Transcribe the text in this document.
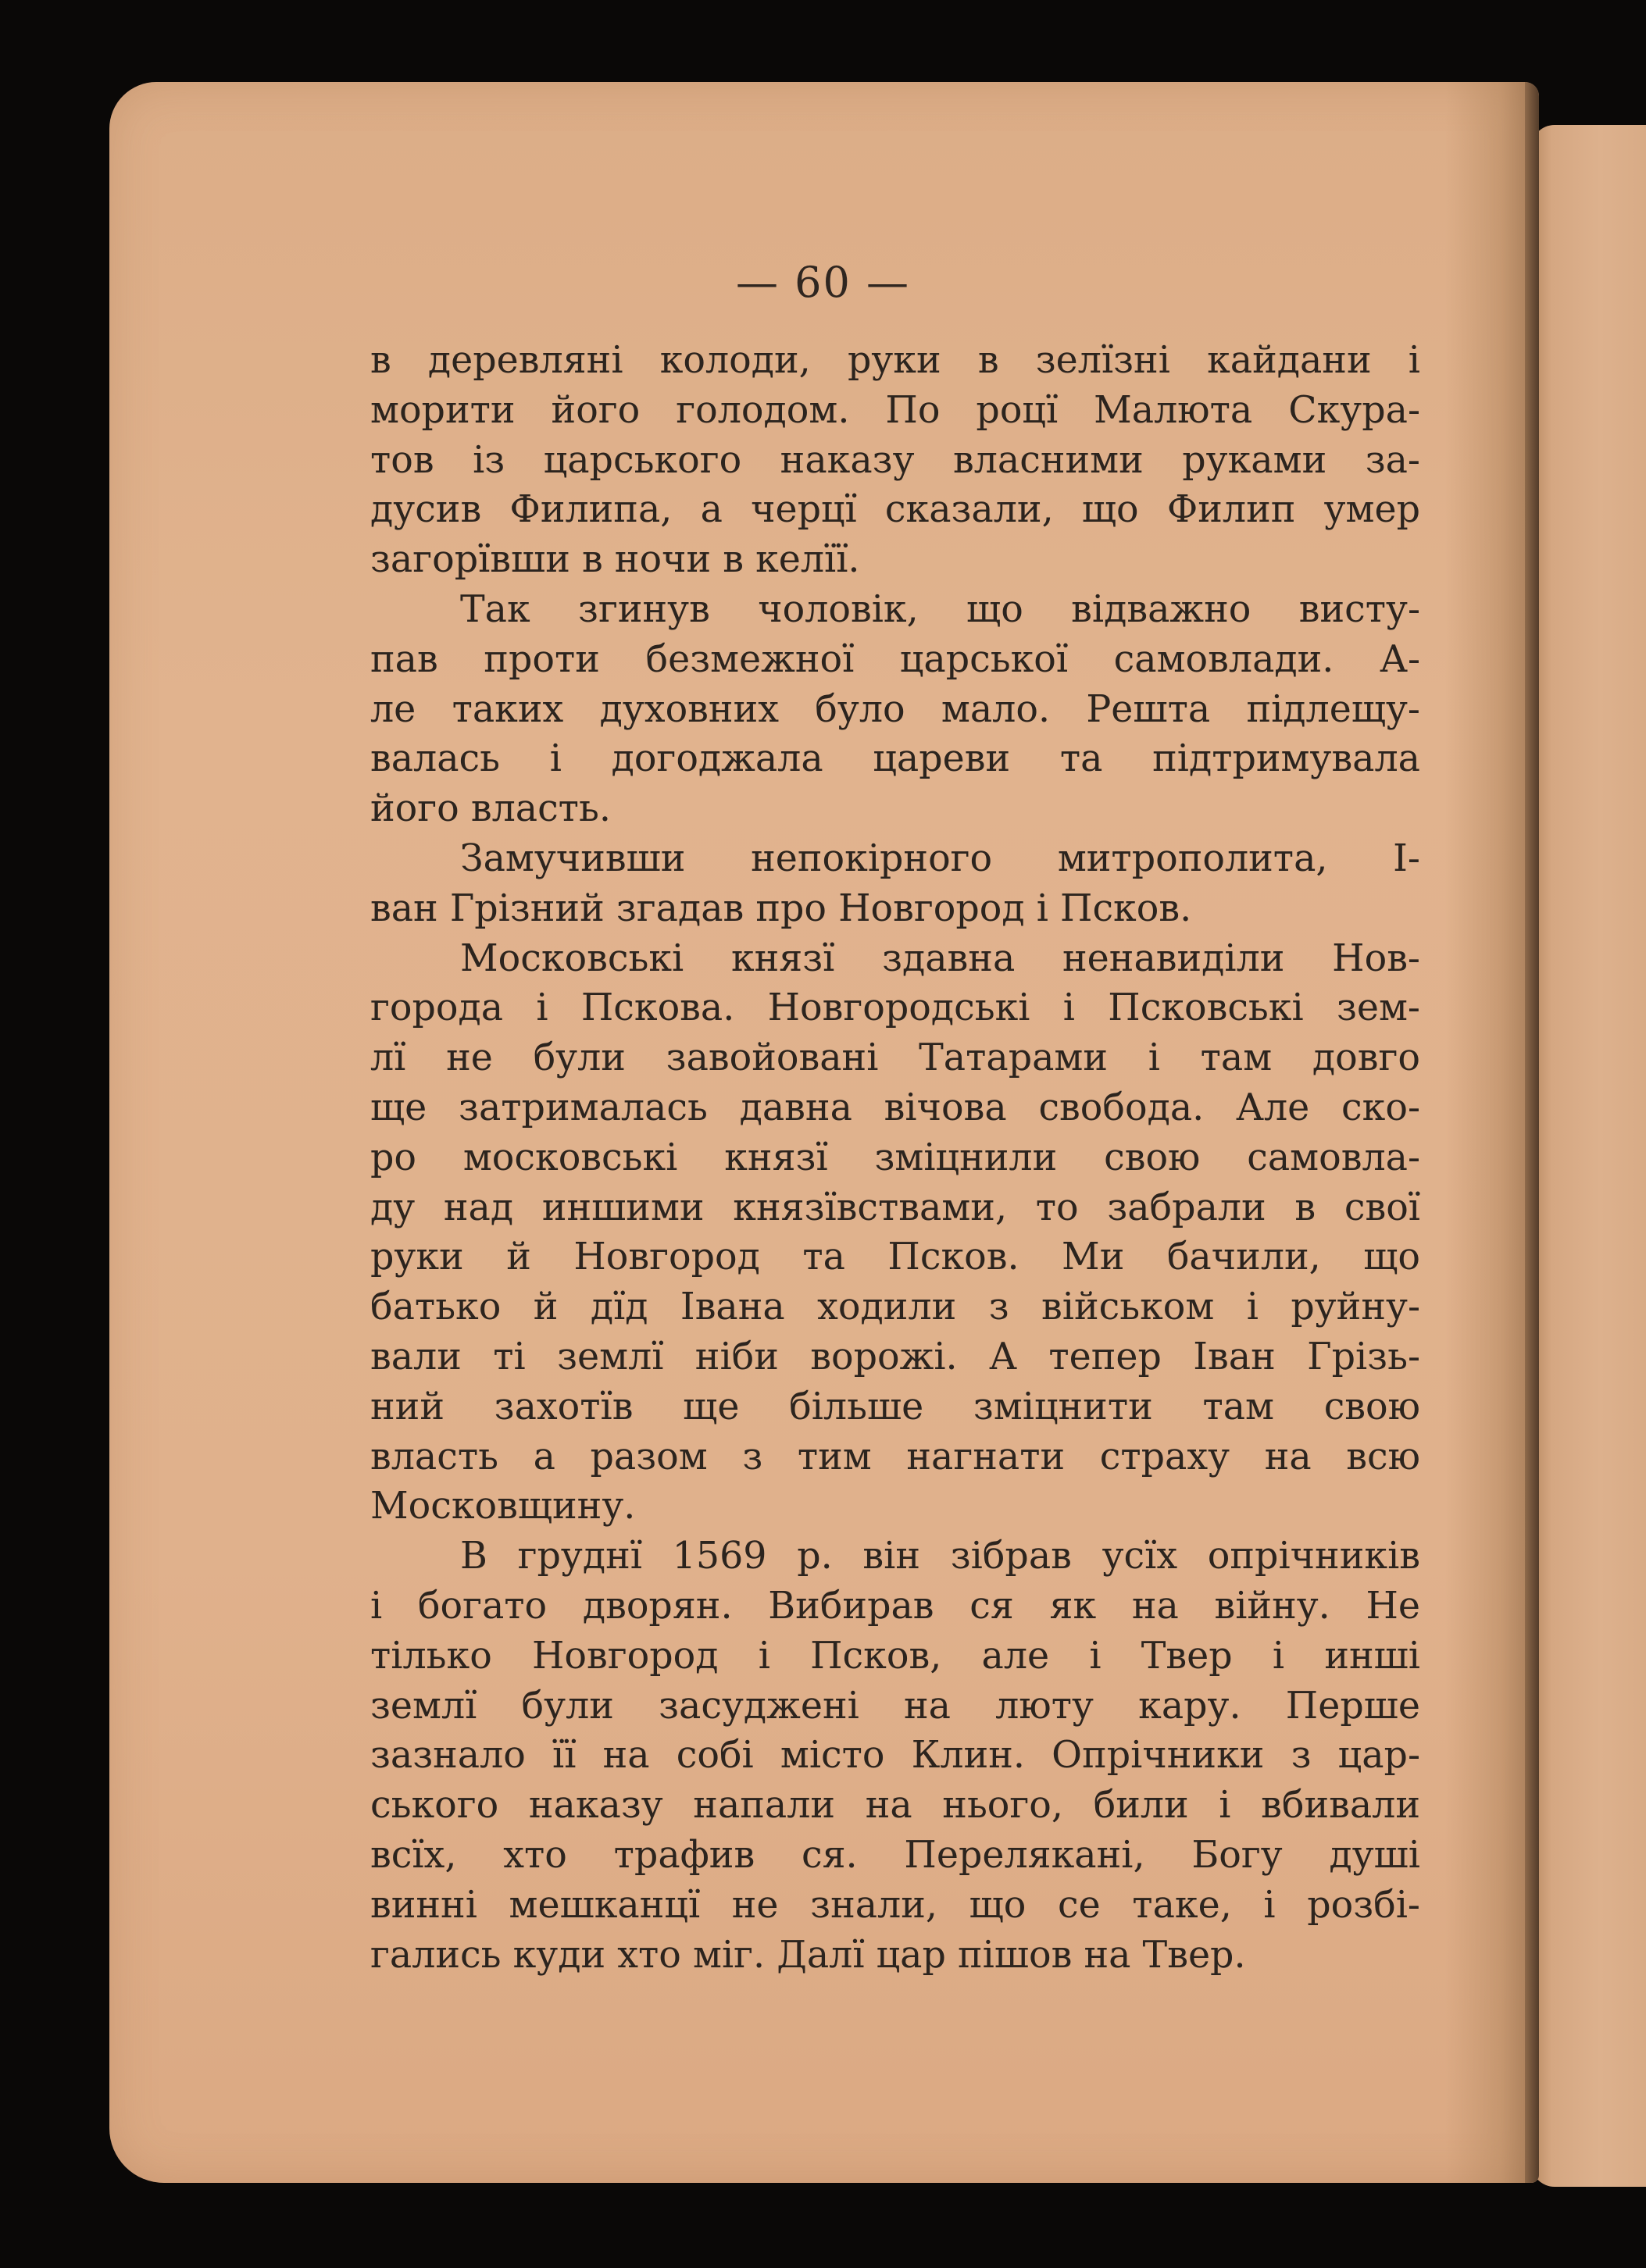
— 60 —
в деревляні колоди, руки в зелїзні кайдани і
морити його голодом. По роцї Малюта Скура-
тов із царського наказу власними руками за-
дусив Филипа, а черцї сказали, що Филип умер
загорївши в ночи в келїї.
Так згинув чоловік, що відважно висту-
пав проти безмежної царської самовлади. А-
ле таких духовних було мало. Решта підлещу-
валась і догоджала цареви та підтримувала
його власть.
Замучивши непокірного митрополита, І-
ван Грізний згадав про Новгород і Псков.
Московські князї здавна ненавиділи Нов-
города і Пскова. Новгородські і Псковські зем-
лї не були завойовані Татарами і там довго
ще затрималась давна вічова свобода. Але ско-
ро московські князї зміцнили свою самовла-
ду над иншими князївствами, то забрали в свої
руки й Новгород та Псков. Ми бачили, що
батько й дїд Івана ходили з військом і руйну-
вали ті землї ніби ворожі. А тепер Іван Грізь-
ний захотїв ще більше зміцнити там свою
власть а разом з тим нагнати страху на всю
Московщину.
В груднї 1569 р. він зібрав усїх опрічників
і богато дворян. Вибирав ся як на війну. Не
тілько Новгород і Псков, але і Твер і инші
землї були засуджені на люту кару. Перше
зазнало її на собі місто Клин. Опрічники з цар-
ського наказу напали на нього, били і вбивали
всїх, хто трафив ся. Перелякані, Богу душі
винні мешканцї не знали, що се таке, і розбі-
гались куди хто міг. Далї цар пішов на Твер.
